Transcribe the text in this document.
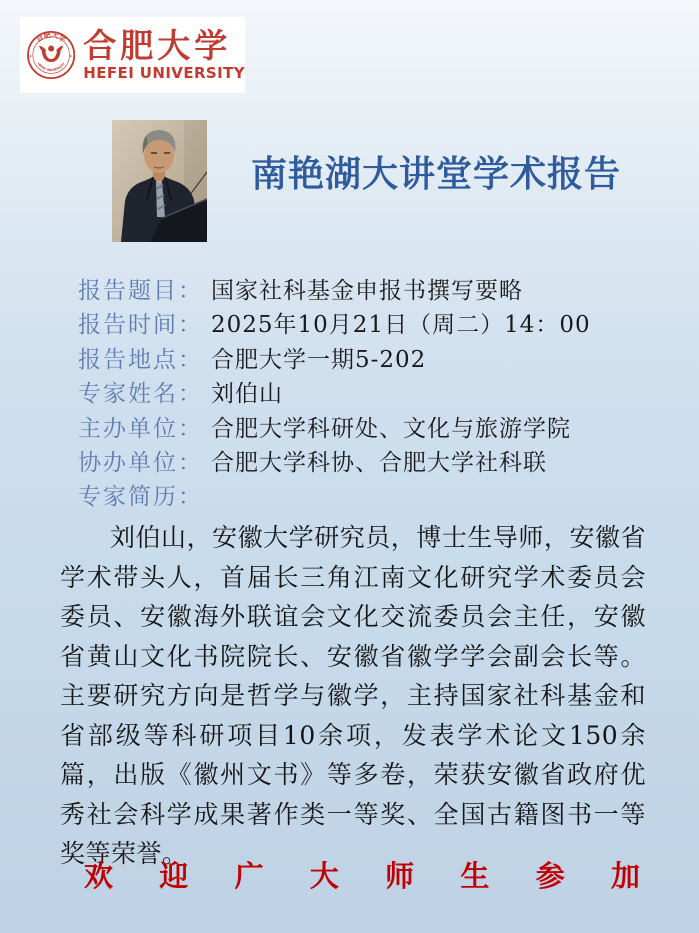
合肥大学
HEFEI UNIVERSITY
✦	✦ 合肥大学
HEFEI UNIVERSITY
南艳湖大讲堂学术报告
报告题目： 国家社科基金申报书撰写要略
报告时间： 2025年10月21日（周二）14：00
报告地点： 合肥大学一期5-202
专家姓名： 刘伯山
主办单位： 合肥大学科研处、文化与旅游学院
协办单位： 合肥大学科协、合肥大学社科联
专家简历：

刘伯山，安徽大学研究员，博士生导师，安徽省学术带头人，首届长三角江南文化研究学术委员会委员、安徽海外联谊会文化交流委员会主任，安徽省黄山文化书院院长、安徽省徽学学会副会长等。主要研究方向是哲学与徽学，主持国家社科基金和省部级等科研项目10余项，发表学术论文150余篇，出版《徽州文书》等多卷，荣获安徽省政府优秀社会科学成果著作类一等奖、全国古籍图书一等奖等荣誉。

欢 迎 广 大 师 生 参 加
